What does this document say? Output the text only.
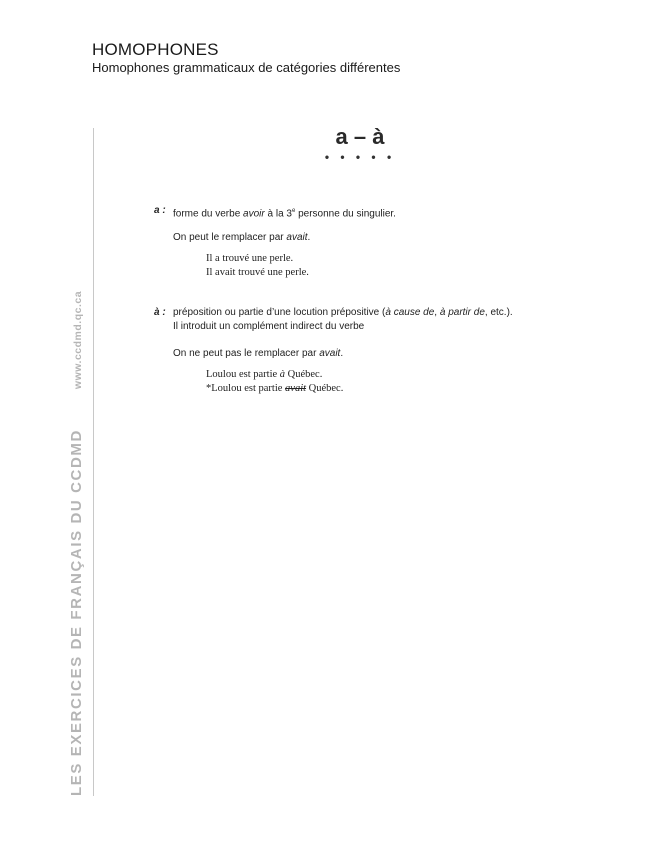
HOMOPHONES
Homophones grammaticaux de catégories différentes
LES EXERCICES DE FRANÇAIS DU CCDMDwww.ccdmd.qc.ca
a – à
• • • • •
a : forme du verbe avoir à la 3e personne du singulier.
On peut le remplacer par avait.
Il a trouvé une perle.
Il avait trouvé une perle.
à : préposition ou partie d’une locution prépositive (à cause de, à partir de, etc.).
Il introduit un complément indirect du verbe
On ne peut pas le remplacer par avait.
Loulou est partie à Québec.
*Loulou est partie avait Québec.
